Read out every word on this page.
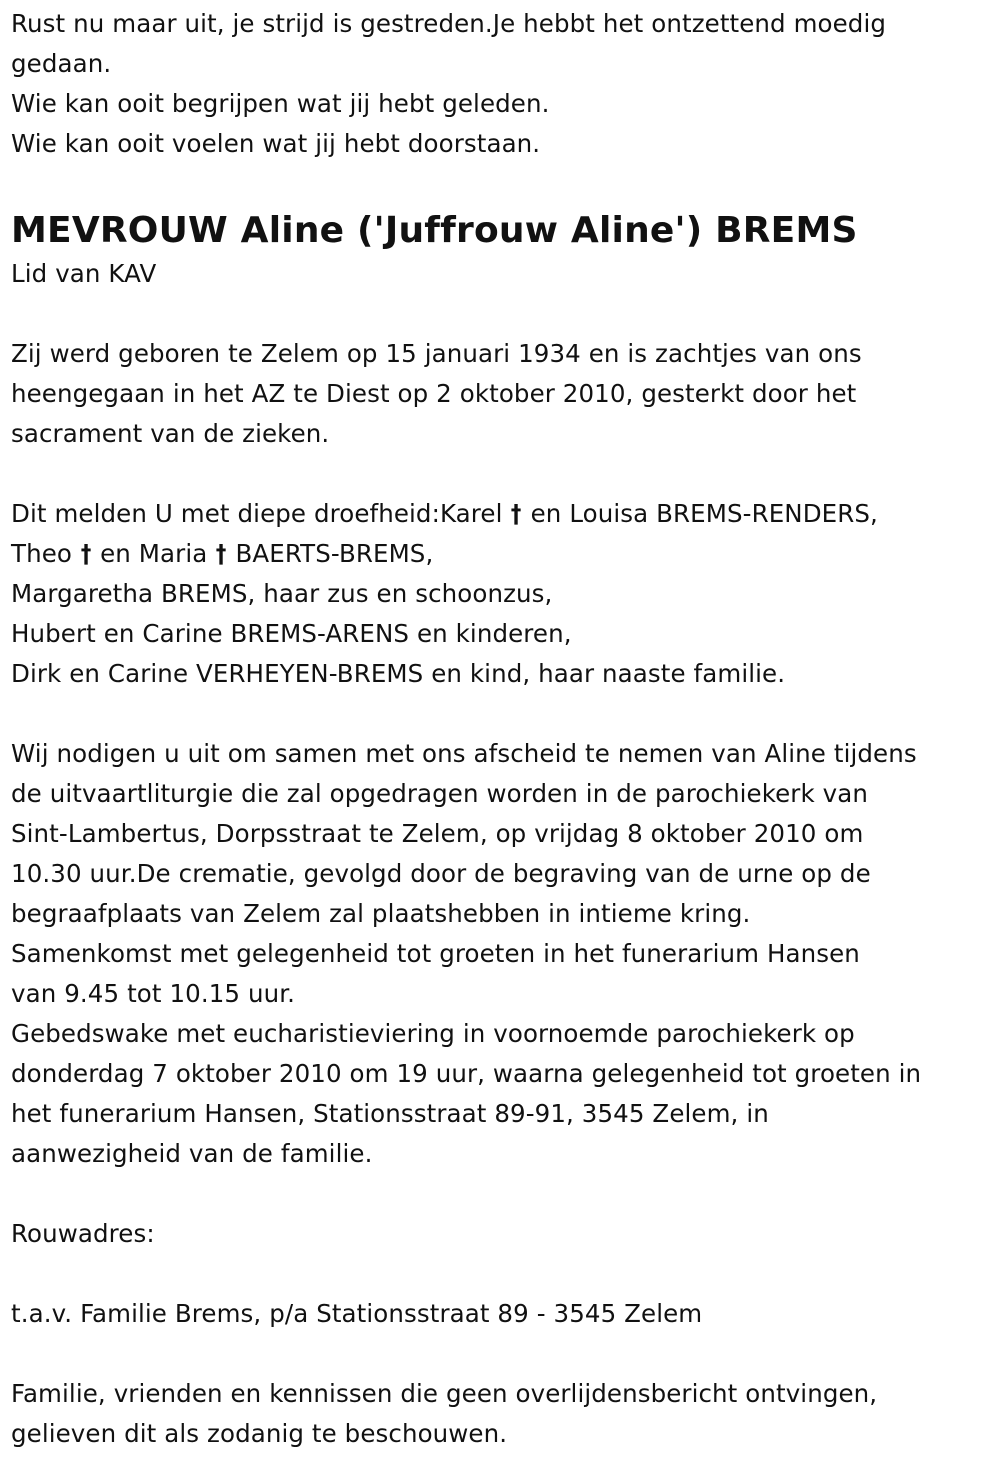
Rust nu maar uit, je strijd is gestreden.Je hebbt het ontzettend moedig

gedaan.

Wie kan ooit begrijpen wat jij hebt geleden.

Wie kan ooit voelen wat jij hebt doorstaan.

MEVROUW Aline ('Juffrouw Aline') BREMS

Lid van KAV

Zij werd geboren te Zelem op 15 januari 1934 en is zachtjes van ons

heengegaan in het AZ te Diest op 2 oktober 2010, gesterkt door het

sacrament van de zieken.

Dit melden U met diepe droefheid:Karel † en Louisa BREMS-RENDERS,

Theo † en Maria † BAERTS-BREMS,

Margaretha BREMS, haar zus en schoonzus,

Hubert en Carine BREMS-ARENS en kinderen,

Dirk en Carine VERHEYEN-BREMS en kind, haar naaste familie.

Wij nodigen u uit om samen met ons afscheid te nemen van Aline tijdens

de uitvaartliturgie die zal opgedragen worden in de parochiekerk van

Sint-Lambertus, Dorpsstraat te Zelem, op vrijdag 8 oktober 2010 om

10.30 uur.De crematie, gevolgd door de begraving van de urne op de

begraafplaats van Zelem zal plaatshebben in intieme kring.

Samenkomst met gelegenheid tot groeten in het funerarium Hansen

van 9.45 tot 10.15 uur.

Gebedswake met eucharistieviering in voornoemde parochiekerk op

donderdag 7 oktober 2010 om 19 uur, waarna gelegenheid tot groeten in

het funerarium Hansen, Stationsstraat 89-91, 3545 Zelem, in

aanwezigheid van de familie.

Rouwadres:

t.a.v. Familie Brems, p/a Stationsstraat 89 - 3545 Zelem

Familie, vrienden en kennissen die geen overlijdensbericht ontvingen,

gelieven dit als zodanig te beschouwen.
